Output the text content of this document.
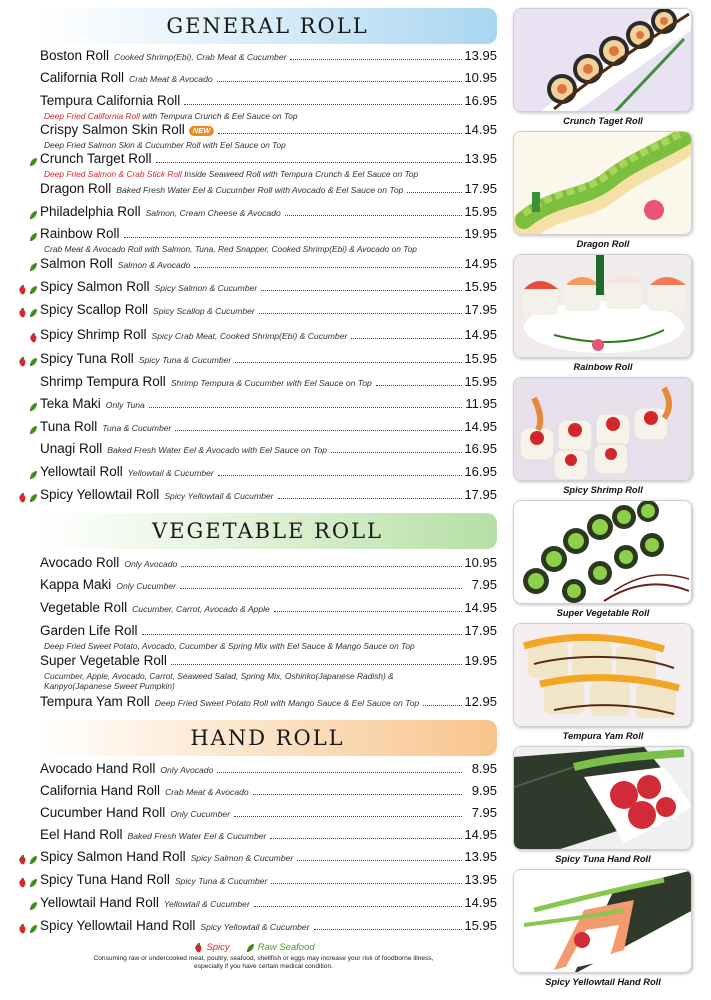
GENERAL ROLL
Boston Roll Cooked Shrimp(Ebi), Crab Meat & Cucumber	13.95
California Roll Crab Meat & Avocado	10.95
Tempura California Roll	16.95
Deep Fried California Roll with Tempura Crunch & Eel Sauce on Top
Crispy Salmon Skin Roll	NEW	14.95
Deep Fried Salmon Skin & Cucumber Roll with Eel Sauce on Top
Crunch Target Roll	13.95
Deep Fried Salmon & Crab Stick Roll Inside Seaweed Roll with Tempura Crunch & Eel Sauce on Top
Dragon Roll Baked Fresh Water Eel & Cucumber Roll with Avocado & Eel Sauce on Top	17.95
Philadelphia Roll Salmon, Cream Cheese & Avocado	15.95
Rainbow Roll	19.95
Crab Meat & Avocado Roll with Salmon, Tuna, Red Snapper, Cooked Shrimp(Ebi) & Avocado on Top
Salmon Roll Salmon & Avocado	14.95
Spicy Salmon Roll Spicy Salmon & Cucumber	15.95
Spicy Scallop Roll Spicy Scallop & Cucumber	17.95
Spicy Shrimp Roll Spicy Crab Meat, Cooked Shrimp(Ebi) & Cucumber	14.95
Spicy Tuna Roll Spicy Tuna & Cucumber	15.95
Shrimp Tempura Roll Shrimp Tempura & Cucumber with Eel Sauce on Top	15.95
Teka Maki Only Tuna	11.95
Tuna Roll Tuna & Cucumber	14.95
Unagi Roll Baked Fresh Water Eel & Avocado with Eel Sauce on Top	16.95
Yellowtail Roll Yellowtail & Cucumber	16.95
Spicy Yellowtail Roll Spicy Yellowtail & Cucumber	17.95
VEGETABLE ROLL
Avocado Roll Only Avocado	10.95
Kappa Maki Only Cucumber	7.95
Vegetable Roll Cucumber, Carrot, Avocado & Apple	14.95
Garden Life Roll	17.95
Deep Fried Sweet Potato, Avocado, Cucumber & Spring Mix with Eel Sauce & Mango Sauce on Top
Super Vegetable Roll	19.95
Cucumber, Apple, Avocado, Carrot, Seaweed Salad, Spring Mix, Oshinko(Japanese Radish) &
Kanpyo(Japanese Sweet Pumpkin)
Tempura Yam Roll Deep Fried Sweet Potato Roll with Mango Sauce & Eel Sauce on Top	12.95
HAND ROLL
Avocado Hand Roll Only Avocado	8.95
California Hand Roll Crab Meat & Avocado	9.95
Cucumber Hand Roll Only Cucumber	7.95
Eel Hand Roll Baked Fresh Water Eel & Cucumber	14.95
Spicy Salmon Hand Roll Spicy Salmon & Cucumber	13.95
Spicy Tuna Hand Roll Spicy Tuna & Cucumber	13.95
Yellowtail Hand Roll Yellowtail & Cucumber	14.95
Spicy Yellowtail Hand Roll Spicy Yellowtail & Cucumber	15.95
Spicy	Raw Seafood
Consuming raw or undercooked meat, poultry, seafood, shellfish or eggs may increase your risk of foodborne illness,
especially if you have certain medical condition.
Crunch Taget Roll
Dragon Roll
Rainbow Roll
Spicy Shrimp Roll
Super Vegetable Roll
Tempura Yam Roll
Spicy Tuna Hand Roll
Spicy Yellowtail Hand Roll
